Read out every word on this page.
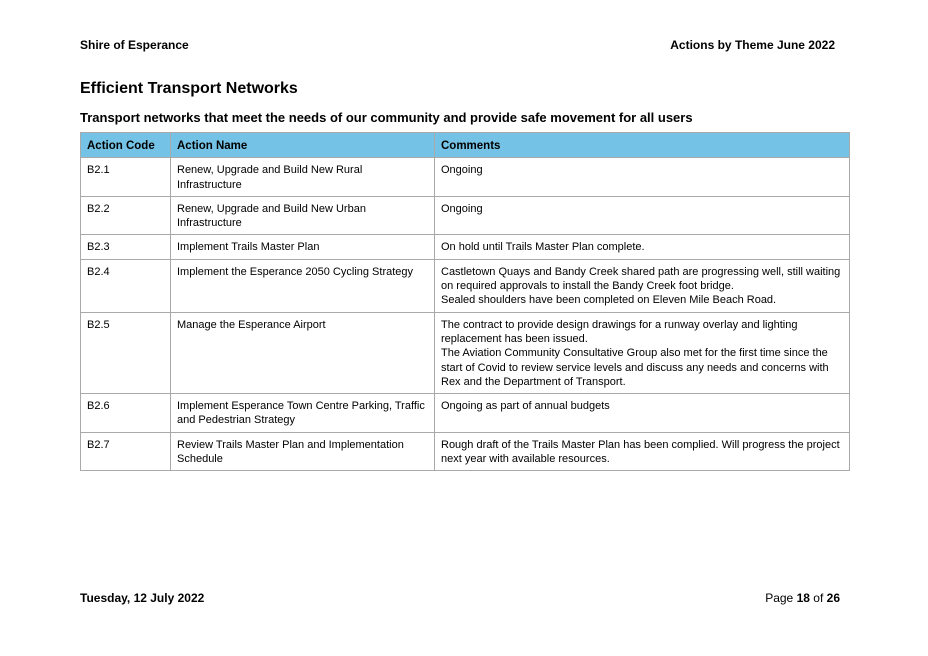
Shire of Esperance	Actions by Theme June 2022
Efficient Transport Networks
Transport networks that meet the needs of our community and provide safe movement for all users
Action Code	Action Name	Comments
B2.1	Renew, Upgrade and Build New Rural Infrastructure	Ongoing

B2.2	Renew, Upgrade and Build New Urban Infrastructure	Ongoing

B2.3	Implement Trails Master Plan	On hold until Trails Master Plan complete.

B2.4	Implement the Esperance 2050 Cycling Strategy	Castletown Quays and Bandy Creek shared path are progressing well, still waiting on required approvals to install the Bandy Creek foot bridge.
Sealed shoulders have been completed on Eleven Mile Beach Road.

B2.5	Manage the Esperance Airport	The contract to provide design drawings for a runway overlay and lighting replacement has been issued.
The Aviation Community Consultative Group also met for the first time since the start of Covid to review service levels and discuss any needs and concerns with Rex and the Department of Transport.

B2.6	Implement Esperance Town Centre Parking, Traffic and Pedestrian Strategy	Ongoing as part of annual budgets

B2.7	Review Trails Master Plan and Implementation Schedule	Rough draft of the Trails Master Plan has been complied. Will progress the project next year with available resources.
Tuesday, 12 July 2022	Page 18 of 26
